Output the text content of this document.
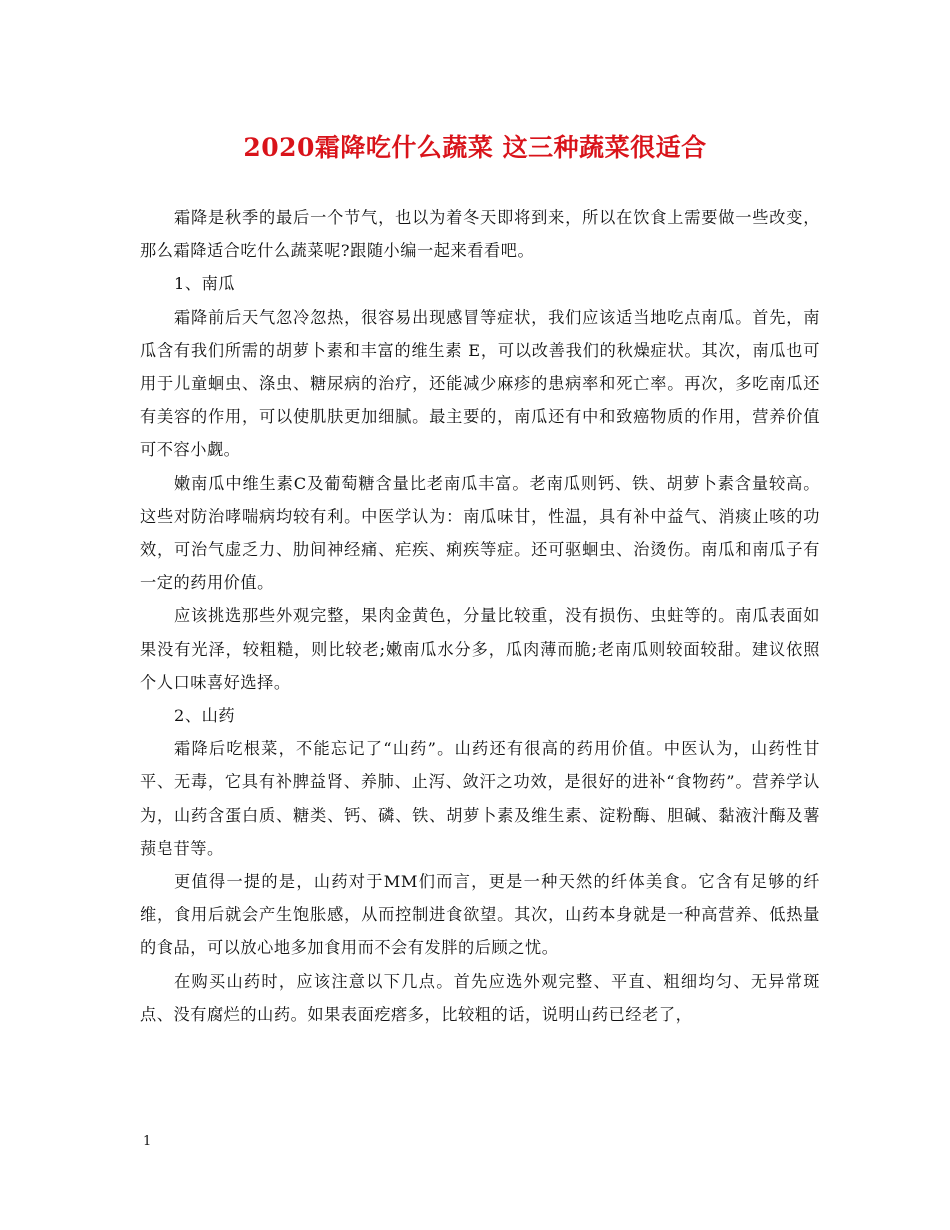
2020霜降吃什么蔬菜 这三种蔬菜很适合

霜降是秋季的最后一个节气，也以为着冬天即将到来，所以在饮食上需要做一些改变，那么霜降适合吃什么蔬菜呢?跟随小编一起来看看吧。

1、南瓜

霜降前后天气忽冷忽热，很容易出现感冒等症状，我们应该适当地吃点南瓜。首先，南瓜含有我们所需的胡萝卜素和丰富的维生素 E，可以改善我们的秋燥症状。其次，南瓜也可用于儿童蛔虫、涤虫、糖尿病的治疗，还能减少麻疹的患病率和死亡率。再次，多吃南瓜还有美容的作用，可以使肌肤更加细腻。最主要的，南瓜还有中和致癌物质的作用，营养价值可不容小觑。

嫩南瓜中维生素C及葡萄糖含量比老南瓜丰富。老南瓜则钙、铁、胡萝卜素含量较高。这些对防治哮喘病均较有利。中医学认为：南瓜味甘，性温，具有补中益气、消痰止咳的功效，可治气虚乏力、肋间神经痛、疟疾、痢疾等症。还可驱蛔虫、治烫伤。南瓜和南瓜子有一定的药用价值。

应该挑选那些外观完整，果肉金黄色，分量比较重，没有损伤、虫蛀等的。南瓜表面如果没有光泽，较粗糙，则比较老;嫩南瓜水分多，瓜肉薄而脆;老南瓜则较面较甜。建议依照个人口味喜好选择。

2、山药

霜降后吃根菜，不能忘记了“山药”。山药还有很高的药用价值。中医认为，山药性甘平、无毒，它具有补脾益肾、养肺、止泻、敛汗之功效，是很好的进补“食物药”。营养学认为，山药含蛋白质、糖类、钙、磷、铁、胡萝卜素及维生素、淀粉酶、胆碱、黏液汁酶及薯蓣皂苷等。

更值得一提的是，山药对于MM们而言，更是一种天然的纤体美食。它含有足够的纤维，食用后就会产生饱胀感，从而控制进食欲望。其次，山药本身就是一种高营养、低热量的食品，可以放心地多加食用而不会有发胖的后顾之忧。

在购买山药时，应该注意以下几点。首先应选外观完整、平直、粗细均匀、无异常斑点、没有腐烂的山药。如果表面疙瘩多，比较粗的话，说明山药已经老了，

1
